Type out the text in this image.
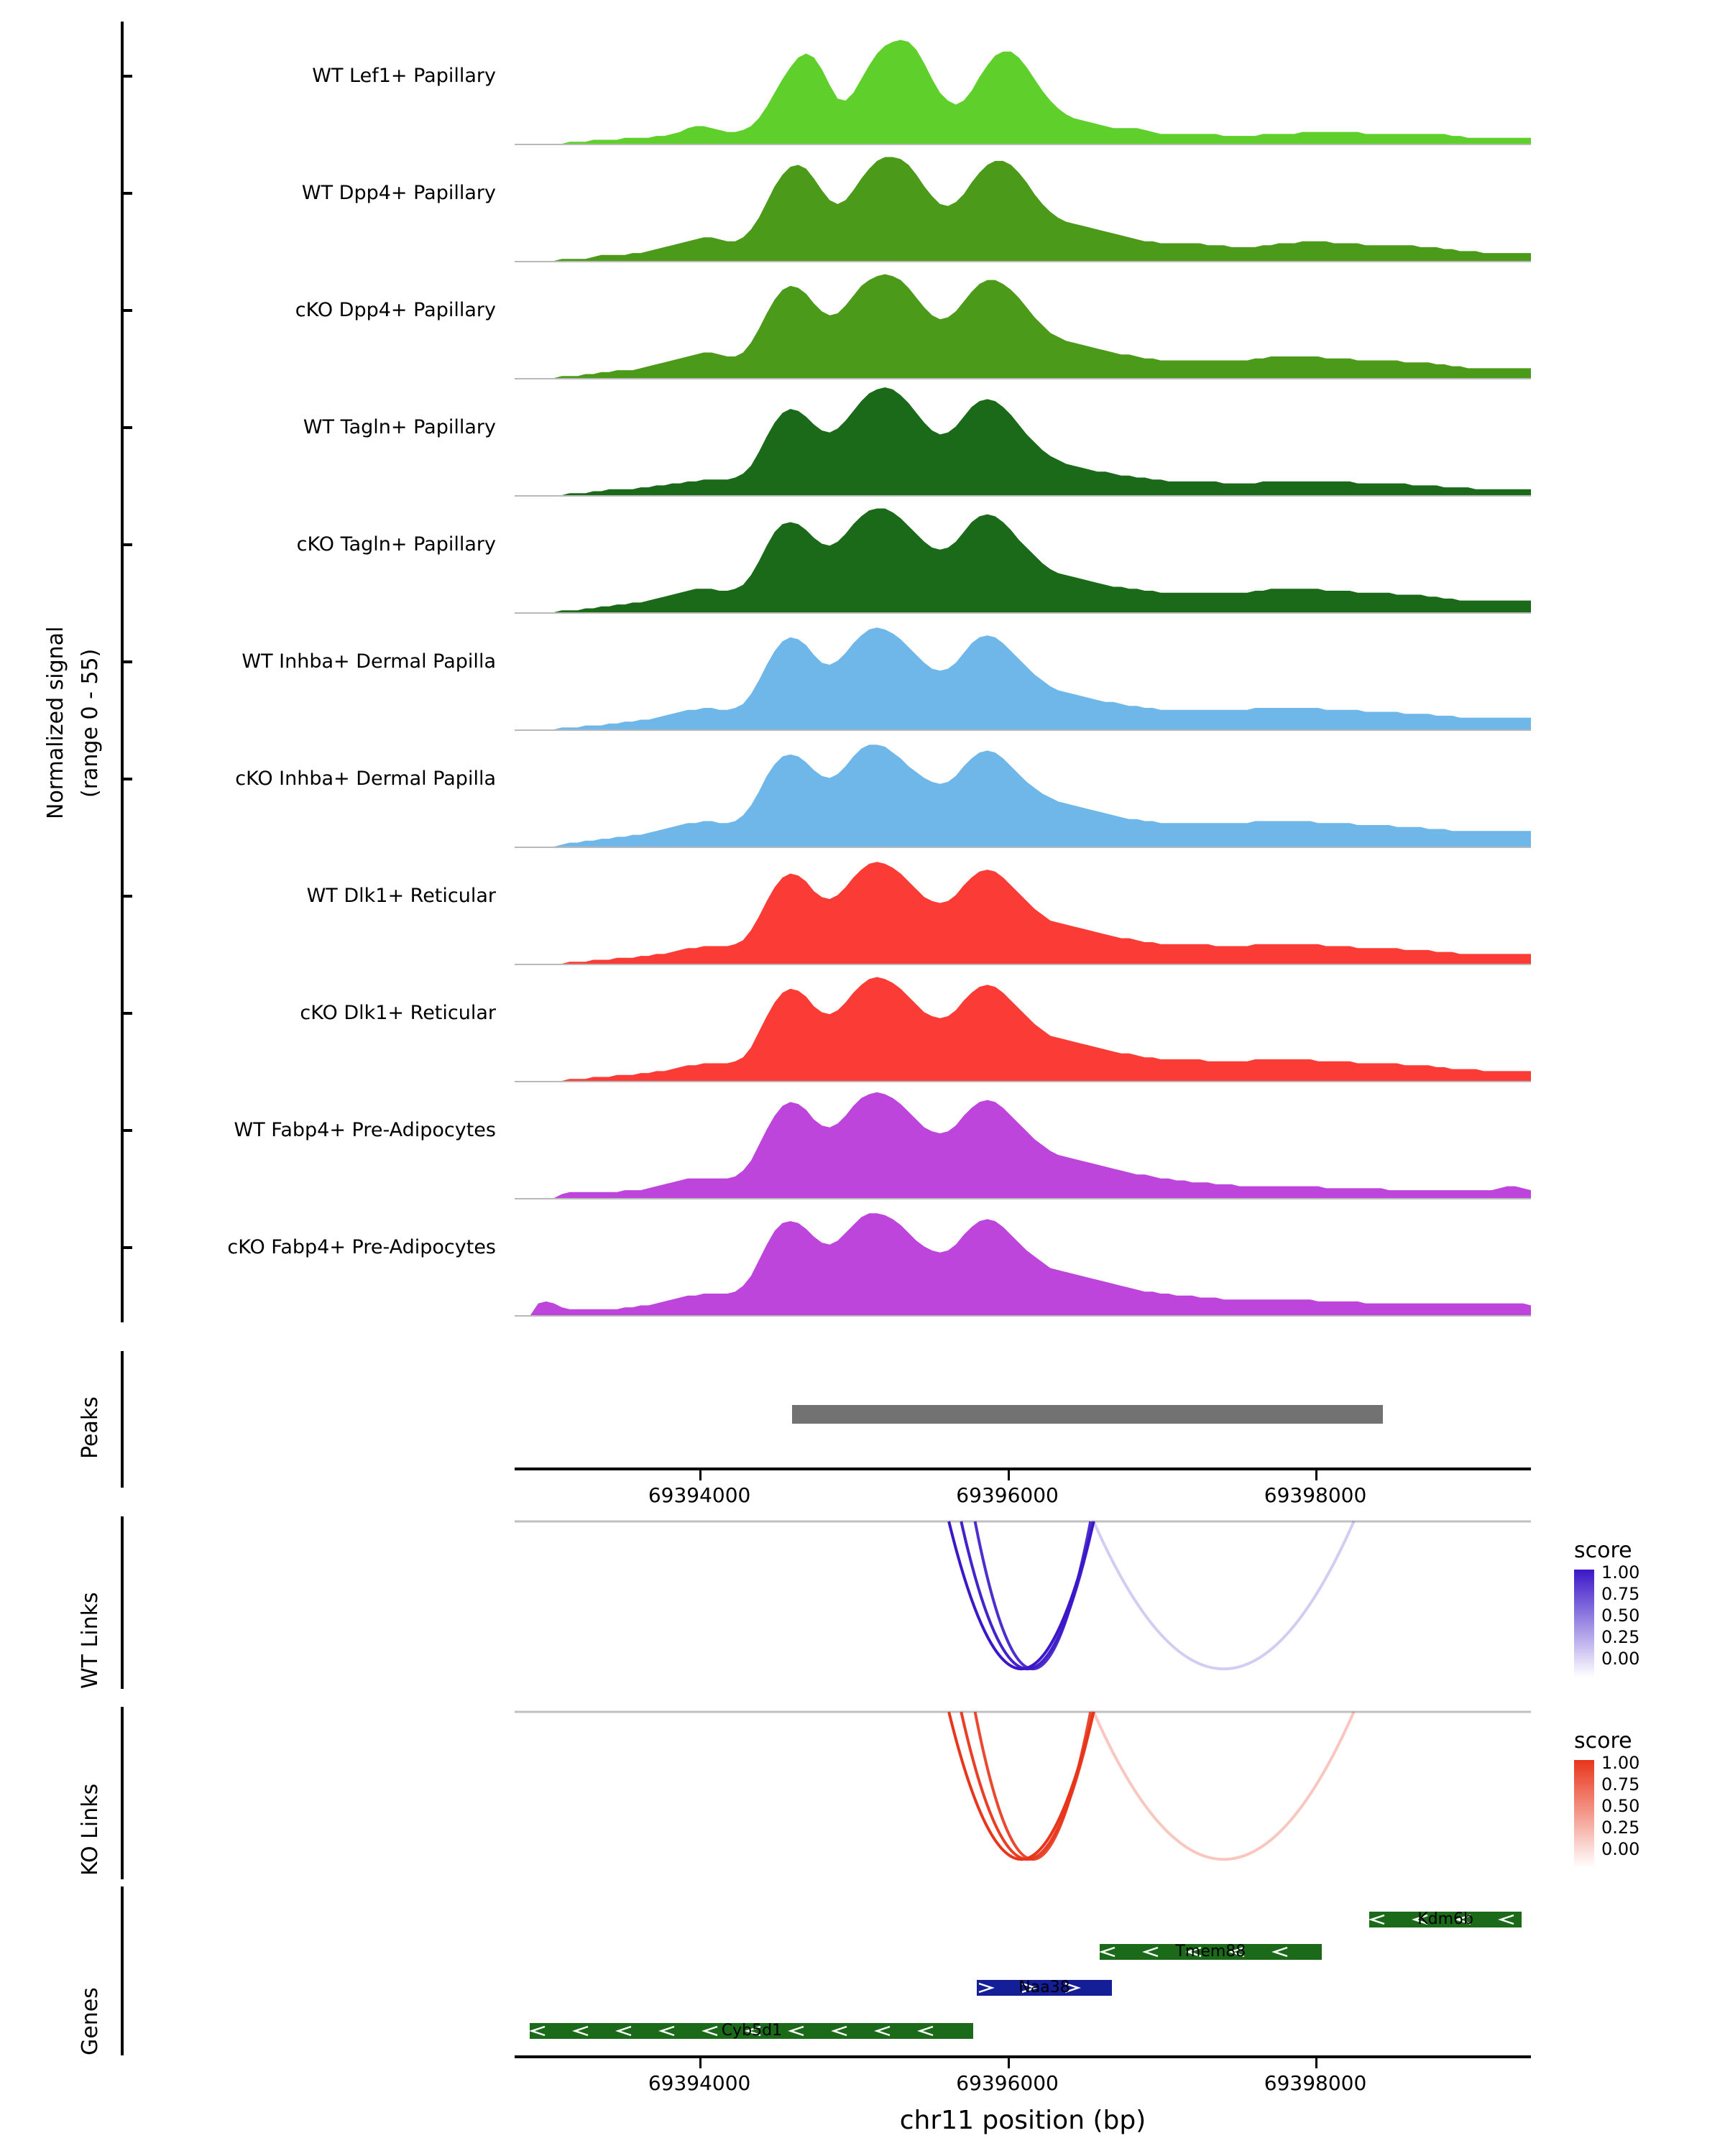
WT Lef1+ Papillary
WT Dpp4+ Papillary
cKO Dpp4+ Papillary
WT Tagln+ Papillary
cKO Tagln+ Papillary
WT Inhba+ Dermal Papilla
cKO Inhba+ Dermal Papilla
WT Dlk1+ Reticular
cKO Dlk1+ Reticular
WT Fabp4+ Pre-Adipocytes
cKO Fabp4+ Pre-Adipocytes
Normalized signal (range 0 - 55)
Peaks
69394000	69396000	69398000
WT Links
KO Links
Genes
Kdm6b
Tmem88
Naa38
Cyb5d1
69394000	69396000	69398000
chr11 position (bp)
score
1.00
0.75
0.50
0.25
0.00
score
1.00
0.75
0.50
0.25
0.00
